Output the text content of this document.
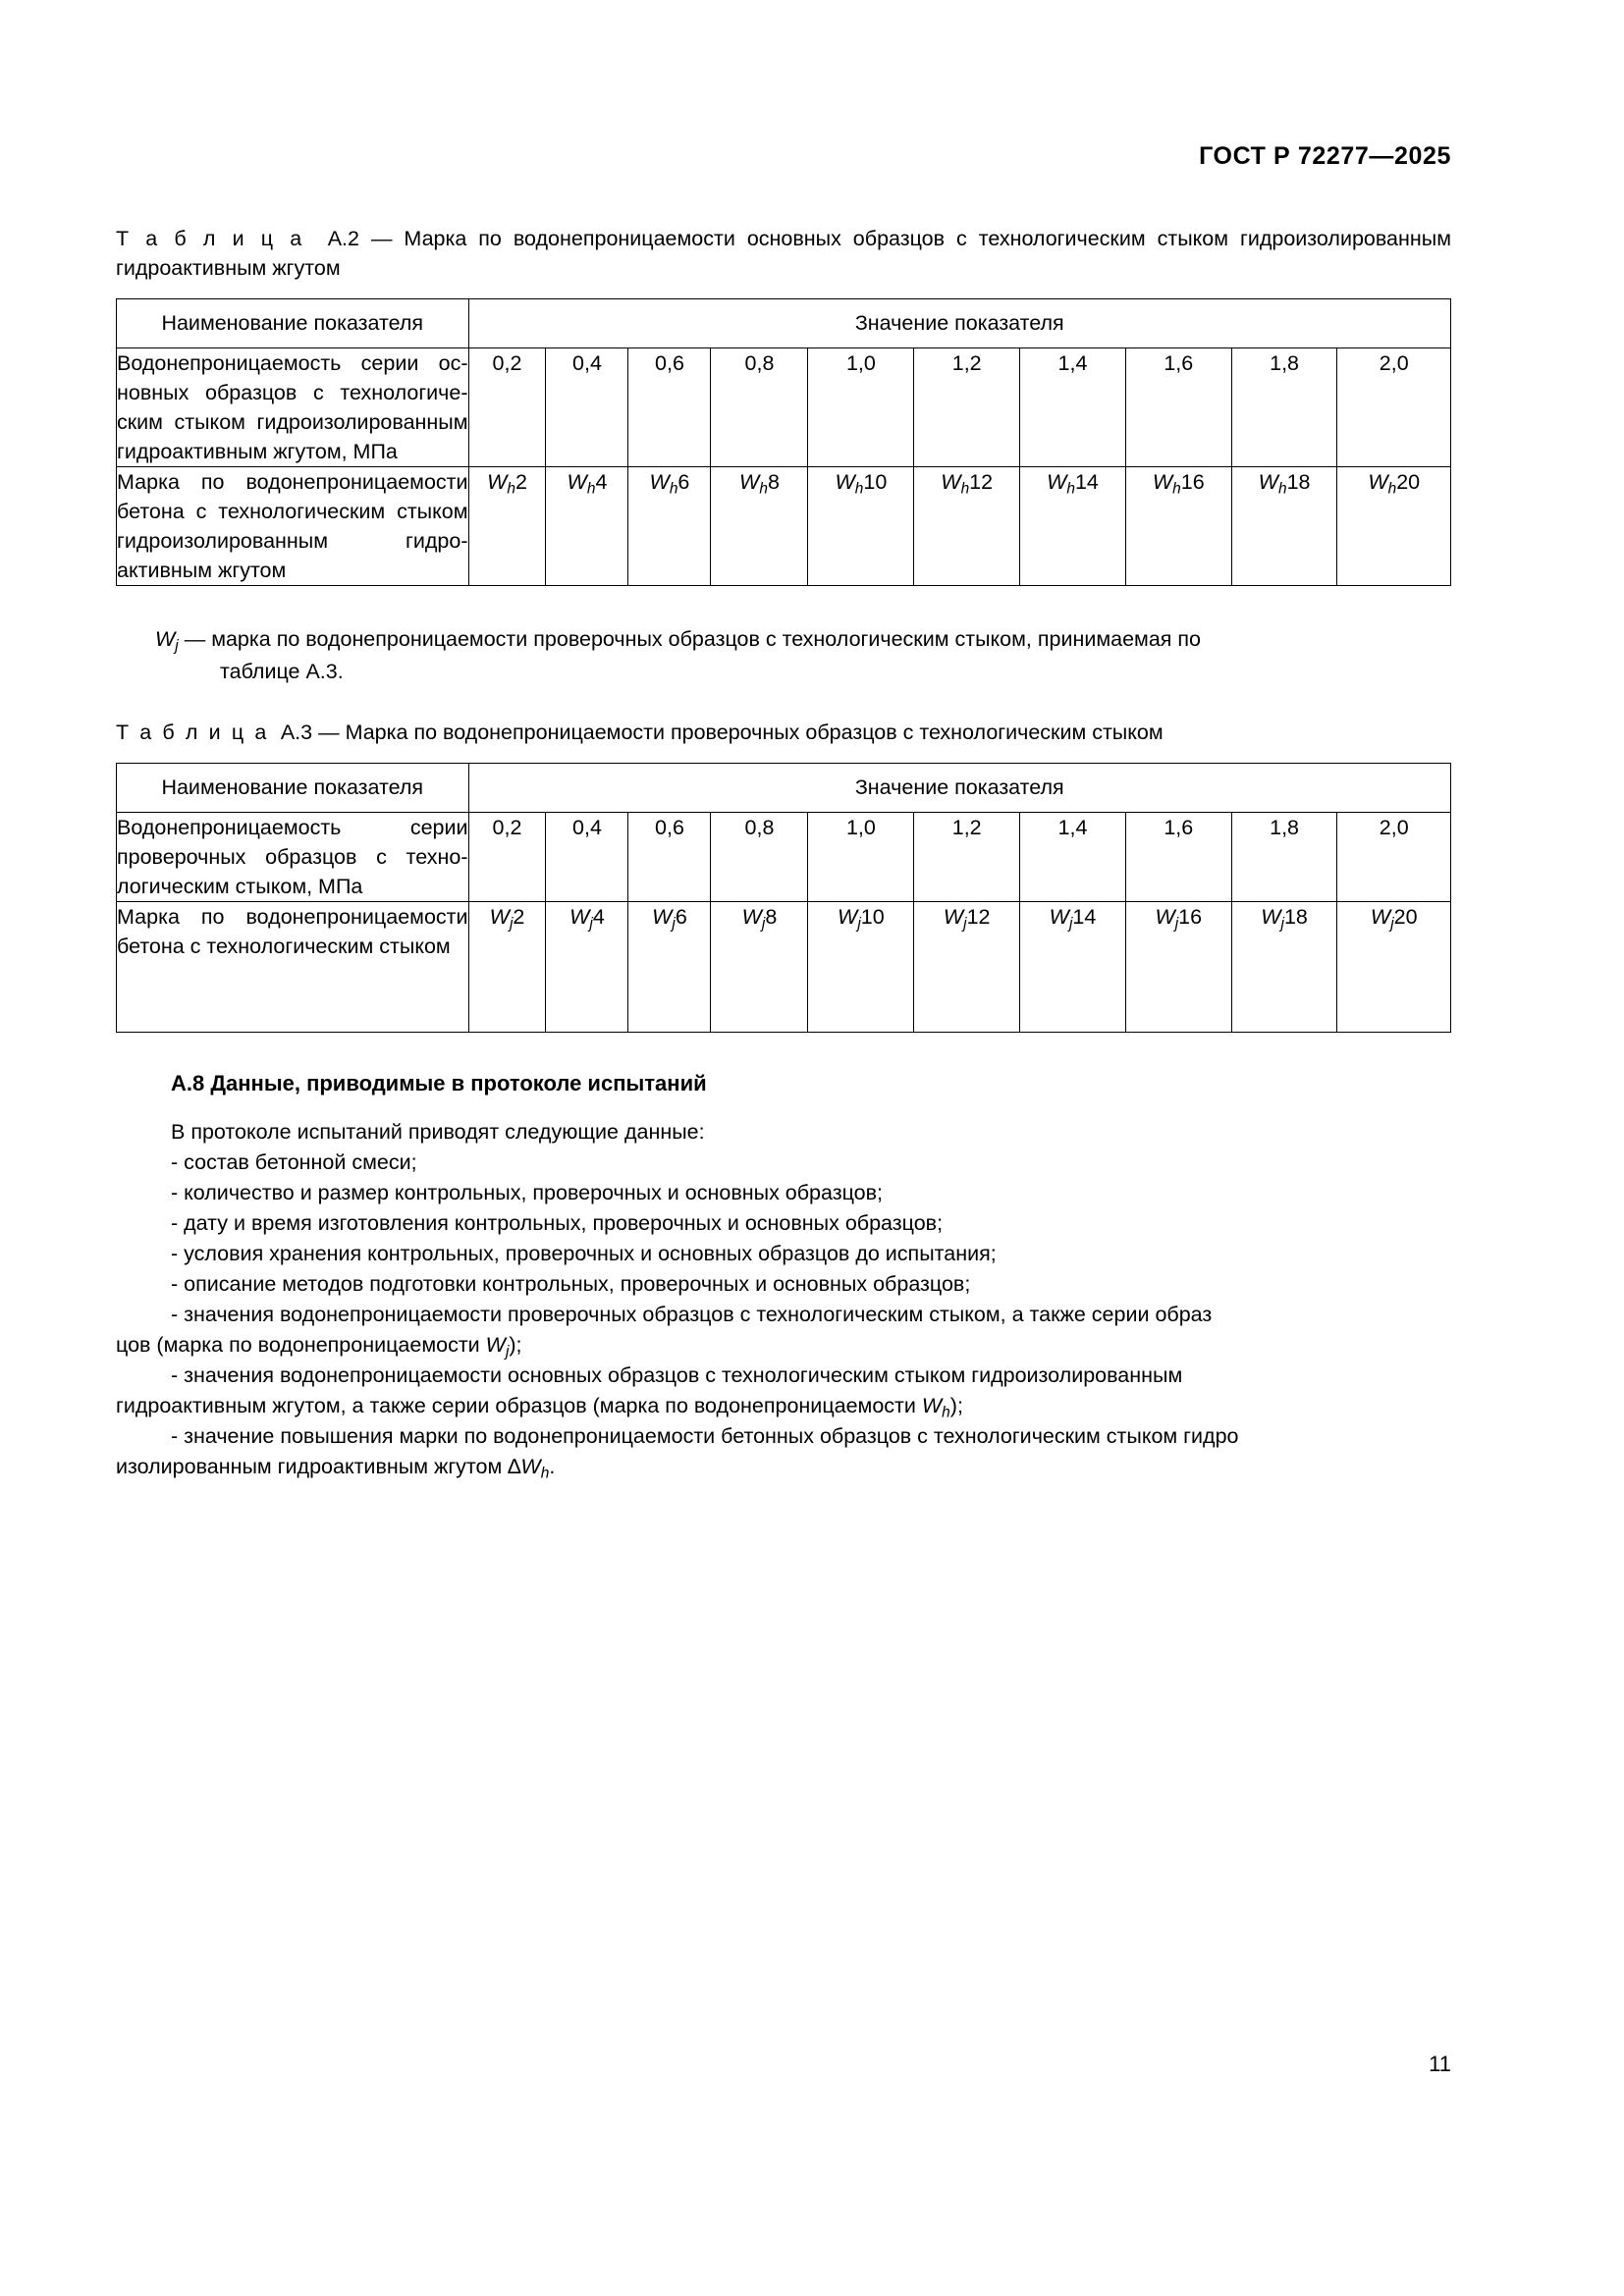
ГОСТ Р 72277—2025

Т а б л и ц а А.2 — Марка по водонепроницаемости основных образцов с технологическим стыком гидроизолированным гидроактивным жгутом

Наименование показателя	Значение показателя									
Водонепроницаемость серии основных образцов с технологическим стыком гидроизолированным гидроактивным жгутом, МПа	0,2	0,4	0,6	0,8	1,0	1,2	1,4	1,6	1,8	2,0
Марка по водонепроницаемости бетона с технологическим стыком гидроизолированным гидроактивным жгутом	$W_h2$	$W_h4$	$W_h6$	$W_h8$	$W_h10$	$W_h12$	$W_h14$	$W_h16$	$W_h18$	$W_h20$

$W_j$ — марка по водонепроницаемости проверочных образцов с технологическим стыком, принимаемая по
таблице А.3.

Т а б л и ц а А.3 — Марка по водонепроницаемости проверочных образцов с технологическим стыком

Наименование показателя	Значение показателя									
Водонепроницаемость серии проверочных образцов с технологическим стыком, МПа	0,2	0,4	0,6	0,8	1,0	1,2	1,4	1,6	1,8	2,0
Марка по водонепроницаемости бетона с технологическим стыком	$W_j2$	$W_j4$	$W_j6$	$W_j8$	$W_j10$	$W_j12$	$W_j14$	$W_j16$	$W_j18$	$W_j20$
А.8 Данные, приводимые в протоколе испытаний

В протоколе испытаний приводят следующие данные:

- состав бетонной смеси;

- количество и размер контрольных, проверочных и основных образцов;

- дату и время изготовления контрольных, проверочных и основных образцов;

- условия хранения контрольных, проверочных и основных образцов до испытания;

- описание методов подготовки контрольных, проверочных и основных образцов;

- значения водонепроницаемости проверочных образцов с технологическим стыком, а также серии образ
цов (марка по водонепроницаемости $W_j$);

- значения водонепроницаемости основных образцов с технологическим стыком гидроизолированным
гидроактивным жгутом, а также серии образцов (марка по водонепроницаемости $W_h$);

- значение повышения марки по водонепроницаемости бетонных образцов с технологическим стыком гидро
изолированным гидроактивным жгутом $\Delta W_h$.

11
